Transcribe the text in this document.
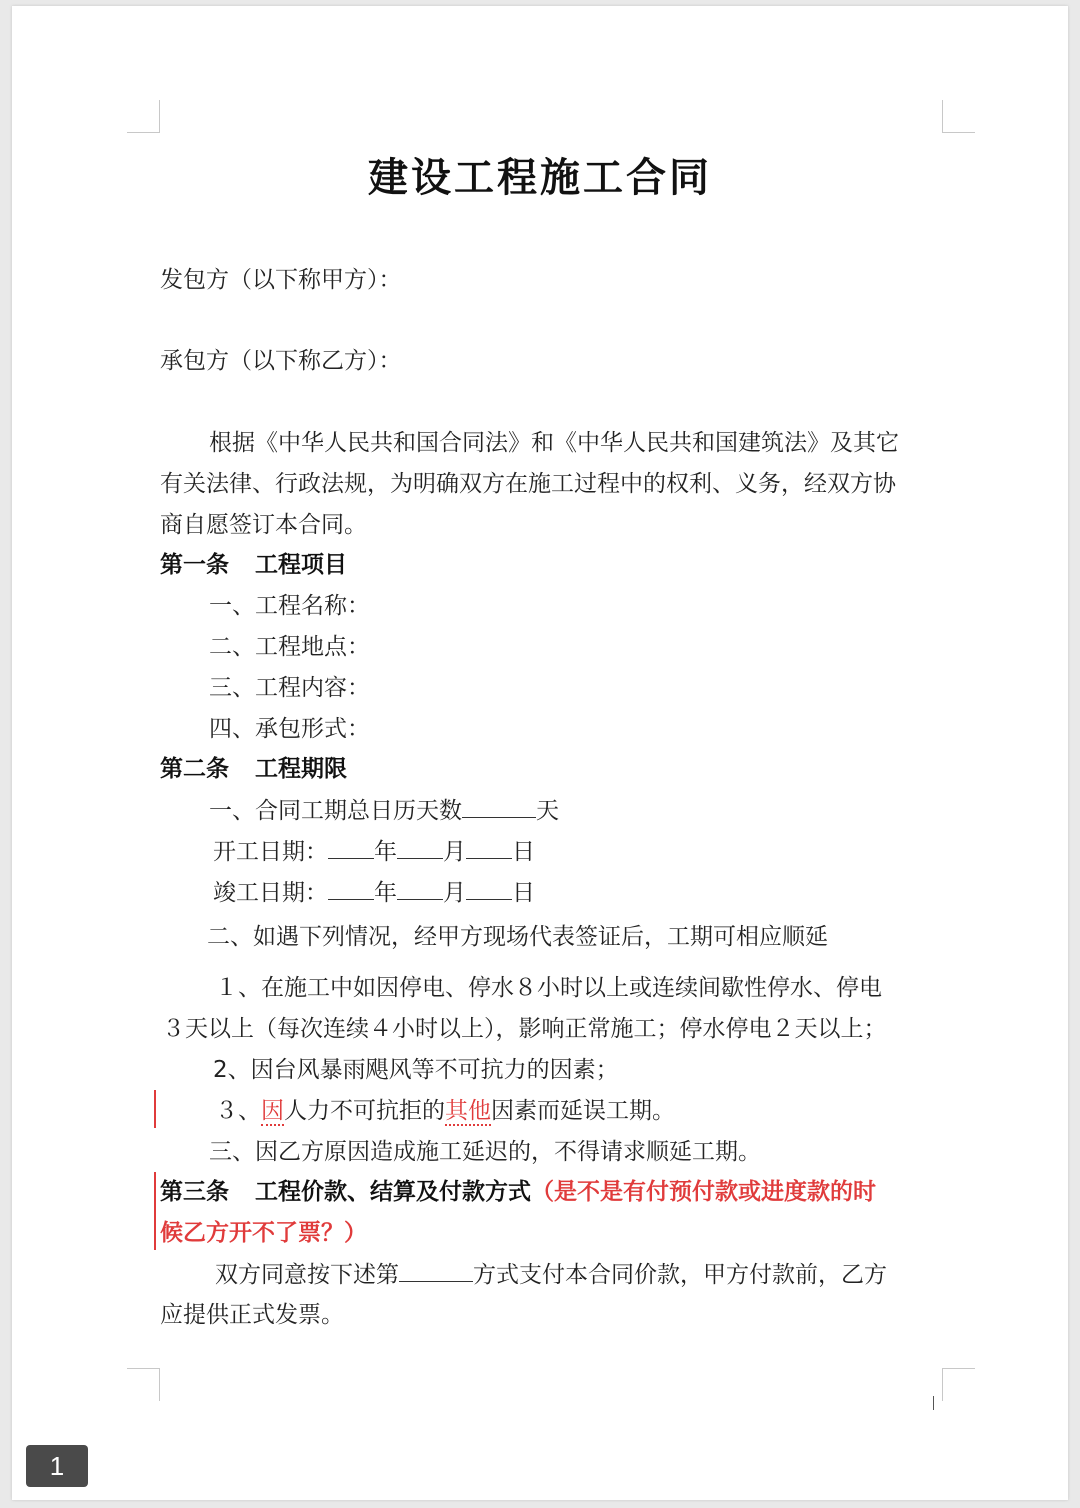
建设工程施工合同

发包方（以下称甲方）：

承包方（以下称乙方）：

根据《中华人民共和国合同法》和《中华人民共和国建筑法》及其它

有关法律、行政法规，为明确双方在施工过程中的权利、义务，经双方协

商自愿签订本合同。

第一条 工程项目

一、工程名称：

二、工程地点：

三、工程内容：

四、承包形式：

第二条 工程期限

一、合同工期总日历天数	天

开工日期： 年 月 日

竣工日期： 年 月 日

二、如遇下列情况，经甲方现场代表签证后，工期可相应顺延

１、在施工中如因停电、停水８小时以上或连续间歇性停水、停电

３天以上（每次连续４小时以上），影响正常施工；停水停电２天以上；

2、因台风暴雨飓风等不可抗力的因素；

３、因人力不可抗拒的其他因素而延误工期。

三、因乙方原因造成施工延迟的，不得请求顺延工期。

第三条 工程价款、结算及付款方式（是不是有付预付款或进度款的时

候乙方开不了票？）

双方同意按下述第	方式支付本合同价款，甲方付款前，乙方

应提供正式发票。

1
